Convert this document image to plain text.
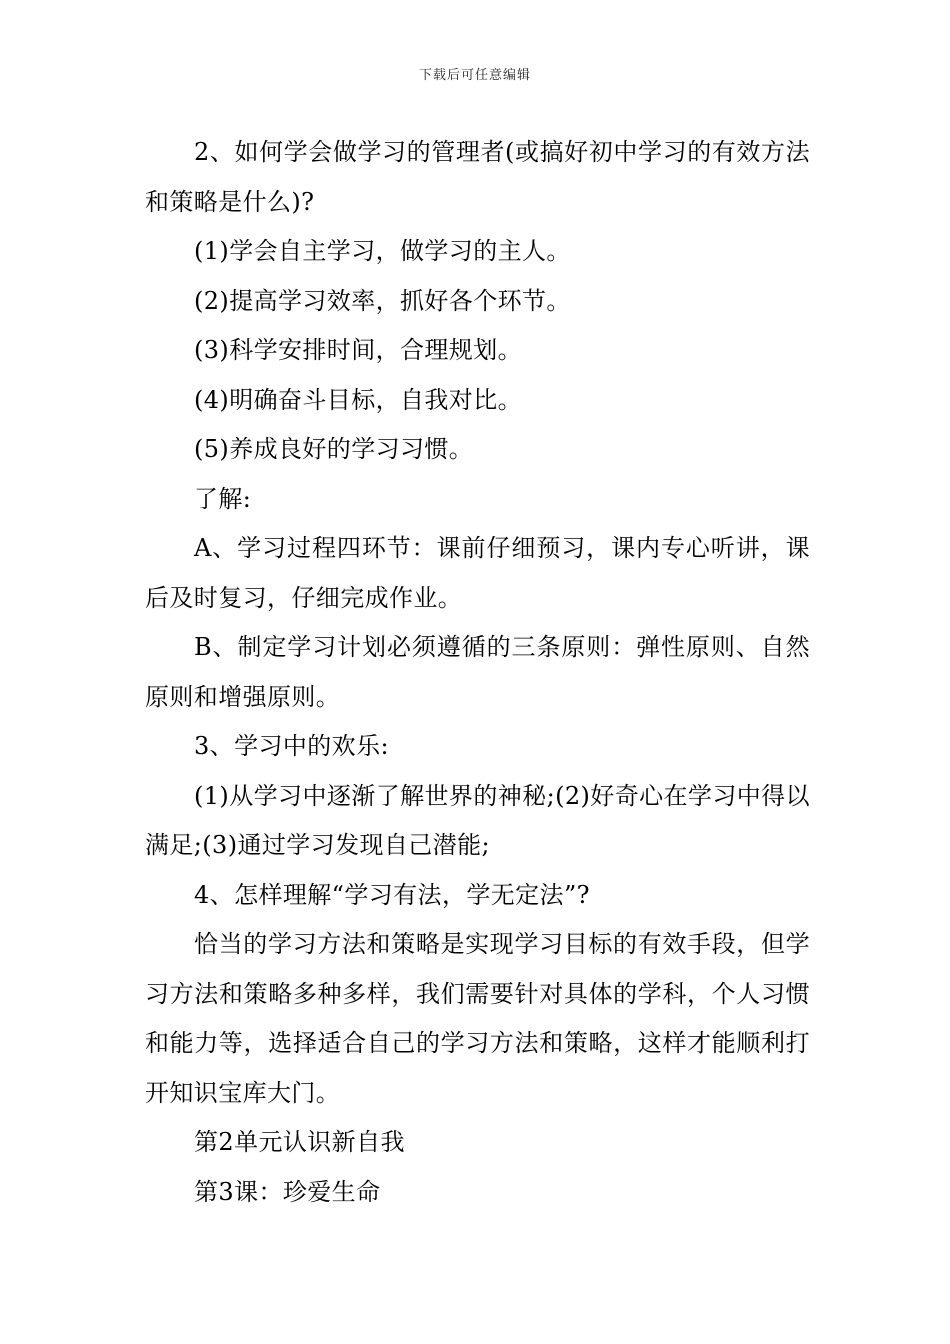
下载后可任意编辑

2、如何学会做学习的管理者(或搞好初中学习的有效方法和策略是什么)?

(1)学会自主学习，做学习的主人。

(2)提高学习效率，抓好各个环节。

(3)科学安排时间，合理规划。

(4)明确奋斗目标，自我对比。

(5)养成良好的学习习惯。

了解:

A、学习过程四环节：课前仔细预习，课内专心听讲，课后及时复习，仔细完成作业。

B、制定学习计划必须遵循的三条原则：弹性原则、自然原则和增强原则。

3、学习中的欢乐:

(1)从学习中逐渐了解世界的神秘;(2)好奇心在学习中得以满足;(3)通过学习发现自己潜能;

4、怎样理解“学习有法，学无定法”?

恰当的学习方法和策略是实现学习目标的有效手段，但学习方法和策略多种多样，我们需要针对具体的学科，个人习惯和能力等，选择适合自己的学习方法和策略，这样才能顺利打开知识宝库大门。

第2单元认识新自我

第3课：珍爱生命
